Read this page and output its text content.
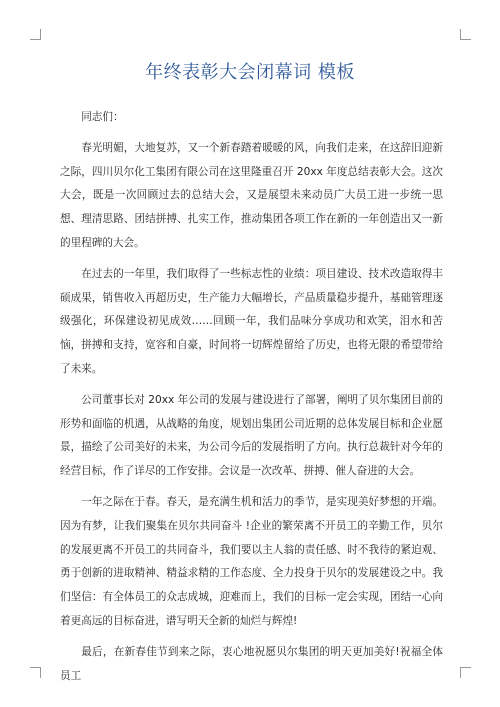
年终表彰大会闭幕词 模板

同志们：

春光明媚，大地复苏，又一个新春踏着暖暖的风，向我们走来，在这辞旧迎新之际，四川贝尔化工集团有限公司在这里隆重召开 20xx 年度总结表彰大会。这次大会，既是一次回顾过去的总结大会，又是展望未来动员广大员工进一步统一思想、理清思路、团结拼搏、扎实工作，推动集团各项工作在新的一年创造出又一新的里程碑的大会。

在过去的一年里，我们取得了一些标志性的业绩：项目建设、技术改造取得丰硕成果，销售收入再超历史，生产能力大幅增长，产品质量稳步提升，基础管理逐级强化，环保建设初见成效……回顾一年，我们品味分享成功和欢笑，泪水和苦恼，拼搏和支持，宽容和自豪，时间将一切辉煌留给了历史，也将无限的希望带给了未来。

公司董事长对 20xx 年公司的发展与建设进行了部署，阐明了贝尔集团目前的形势和面临的机遇，从战略的角度，规划出集团公司近期的总体发展目标和企业愿景，描绘了公司美好的未来，为公司今后的发展指明了方向。执行总裁针对今年的经营目标，作了详尽的工作安排。会议是一次改革、拼搏、催人奋进的大会。

一年之际在于春。春天，是充满生机和活力的季节，是实现美好梦想的开端。因为有梦，让我们聚集在贝尔共同奋斗 !企业的繁荣离不开员工的辛勤工作，贝尔的发展更离不开员工的共同奋斗，我们要以主人翁的责任感、时不我待的紧迫观、勇于创新的进取精神、精益求精的工作态度、全力投身于贝尔的发展建设之中。我们坚信：有全体员工的众志成城，迎难而上，我们的目标一定会实现，团结一心向着更高远的目标奋进，谱写明天全新的灿烂与辉煌!

最后，在新春佳节到来之际，衷心地祝愿贝尔集团的明天更加美好!祝福全体员工
